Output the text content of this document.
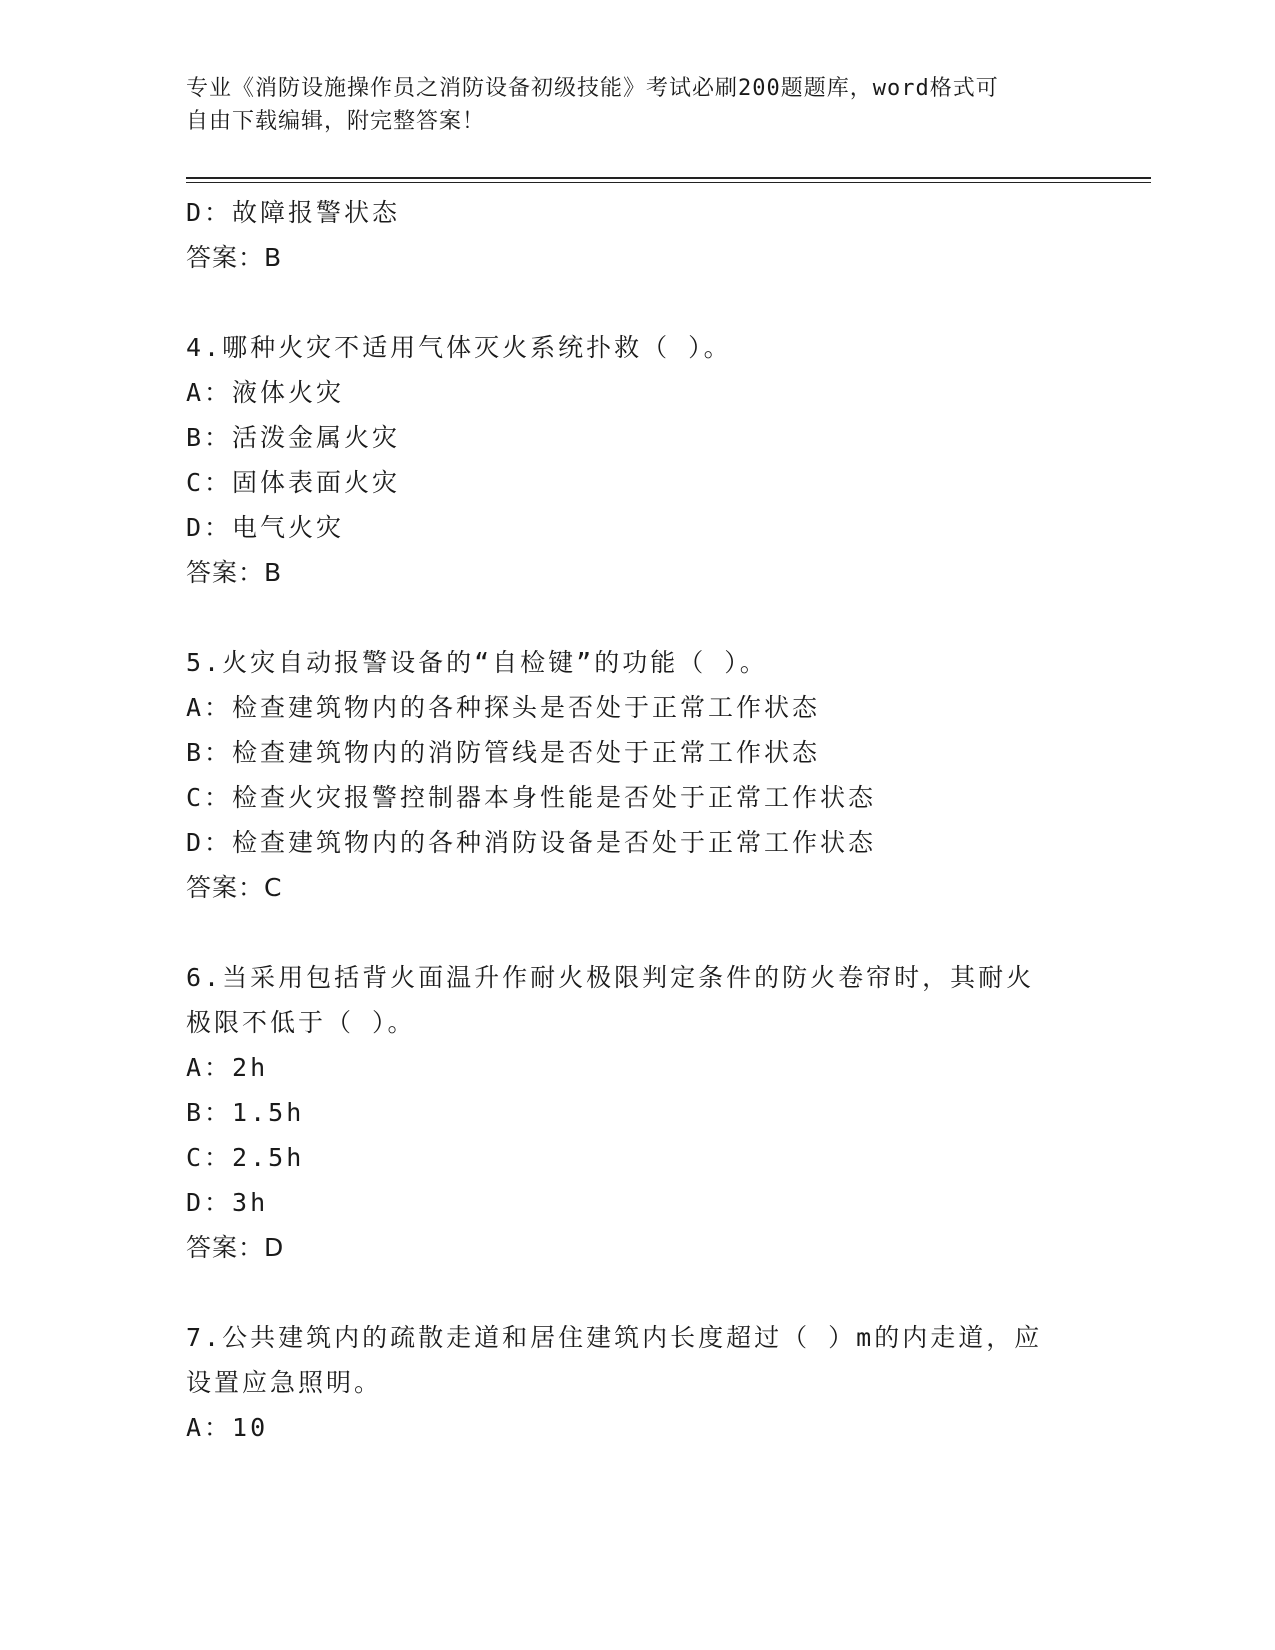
专业《消防设施操作员之消防设备初级技能》考试必刷200题题库，word格式可
自由下载编辑，附完整答案！
D：故障报警状态
答案：B
4.哪种火灾不适用气体灭火系统扑救（ ）。
A：液体火灾
B：活泼金属火灾
C：固体表面火灾
D：电气火灾
答案：B
5.火灾自动报警设备的“自检键”的功能（ ）。
A：检查建筑物内的各种探头是否处于正常工作状态
B：检查建筑物内的消防管线是否处于正常工作状态
C：检查火灾报警控制器本身性能是否处于正常工作状态
D：检查建筑物内的各种消防设备是否处于正常工作状态
答案：C
6.当采用包括背火面温升作耐火极限判定条件的防火卷帘时，其耐火
极限不低于（ ）。
A：2h
B：1.5h
C：2.5h
D：3h
答案：D
7.公共建筑内的疏散走道和居住建筑内长度超过（ ）m的内走道，应
设置应急照明。
A：10
